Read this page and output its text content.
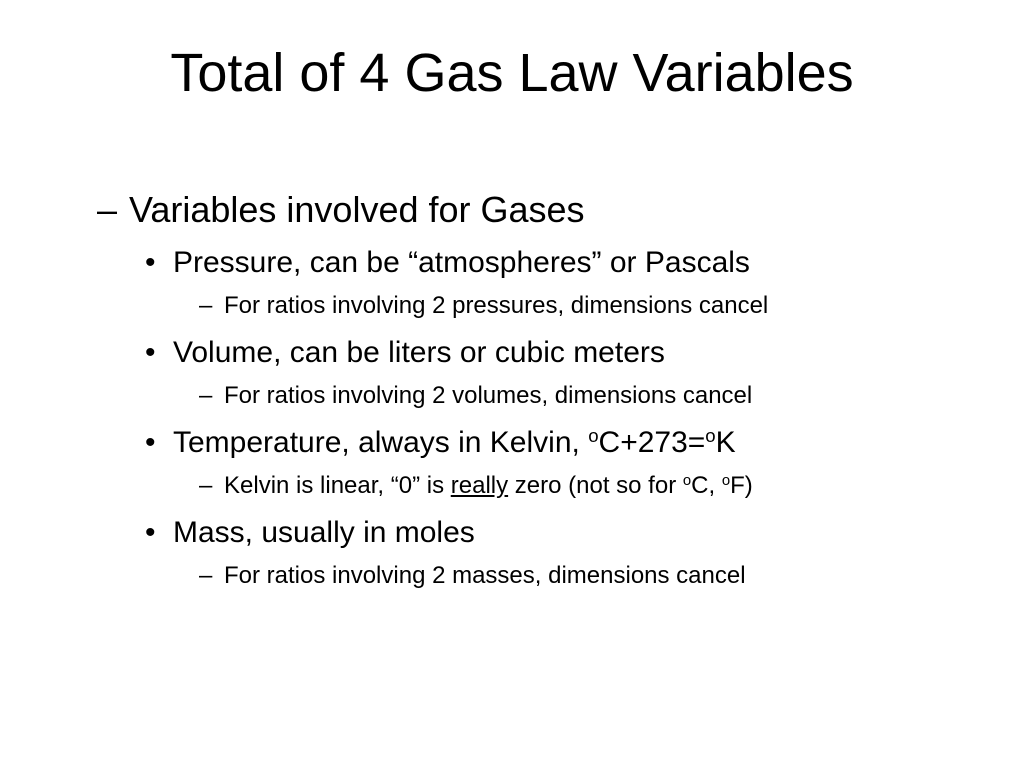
Total of 4 Gas Law Variables
– Variables involved for Gases
• Pressure, can be “atmospheres” or Pascals
– For ratios involving 2 pressures, dimensions cancel
• Volume, can be liters or cubic meters
– For ratios involving 2 volumes, dimensions cancel
• Temperature, always in Kelvin, $^o$C+273=$^o$K
– Kelvin is linear, “0” is really zero (not so for $^o$C, $^o$F)
• Mass, usually in moles
– For ratios involving 2 masses, dimensions cancel
